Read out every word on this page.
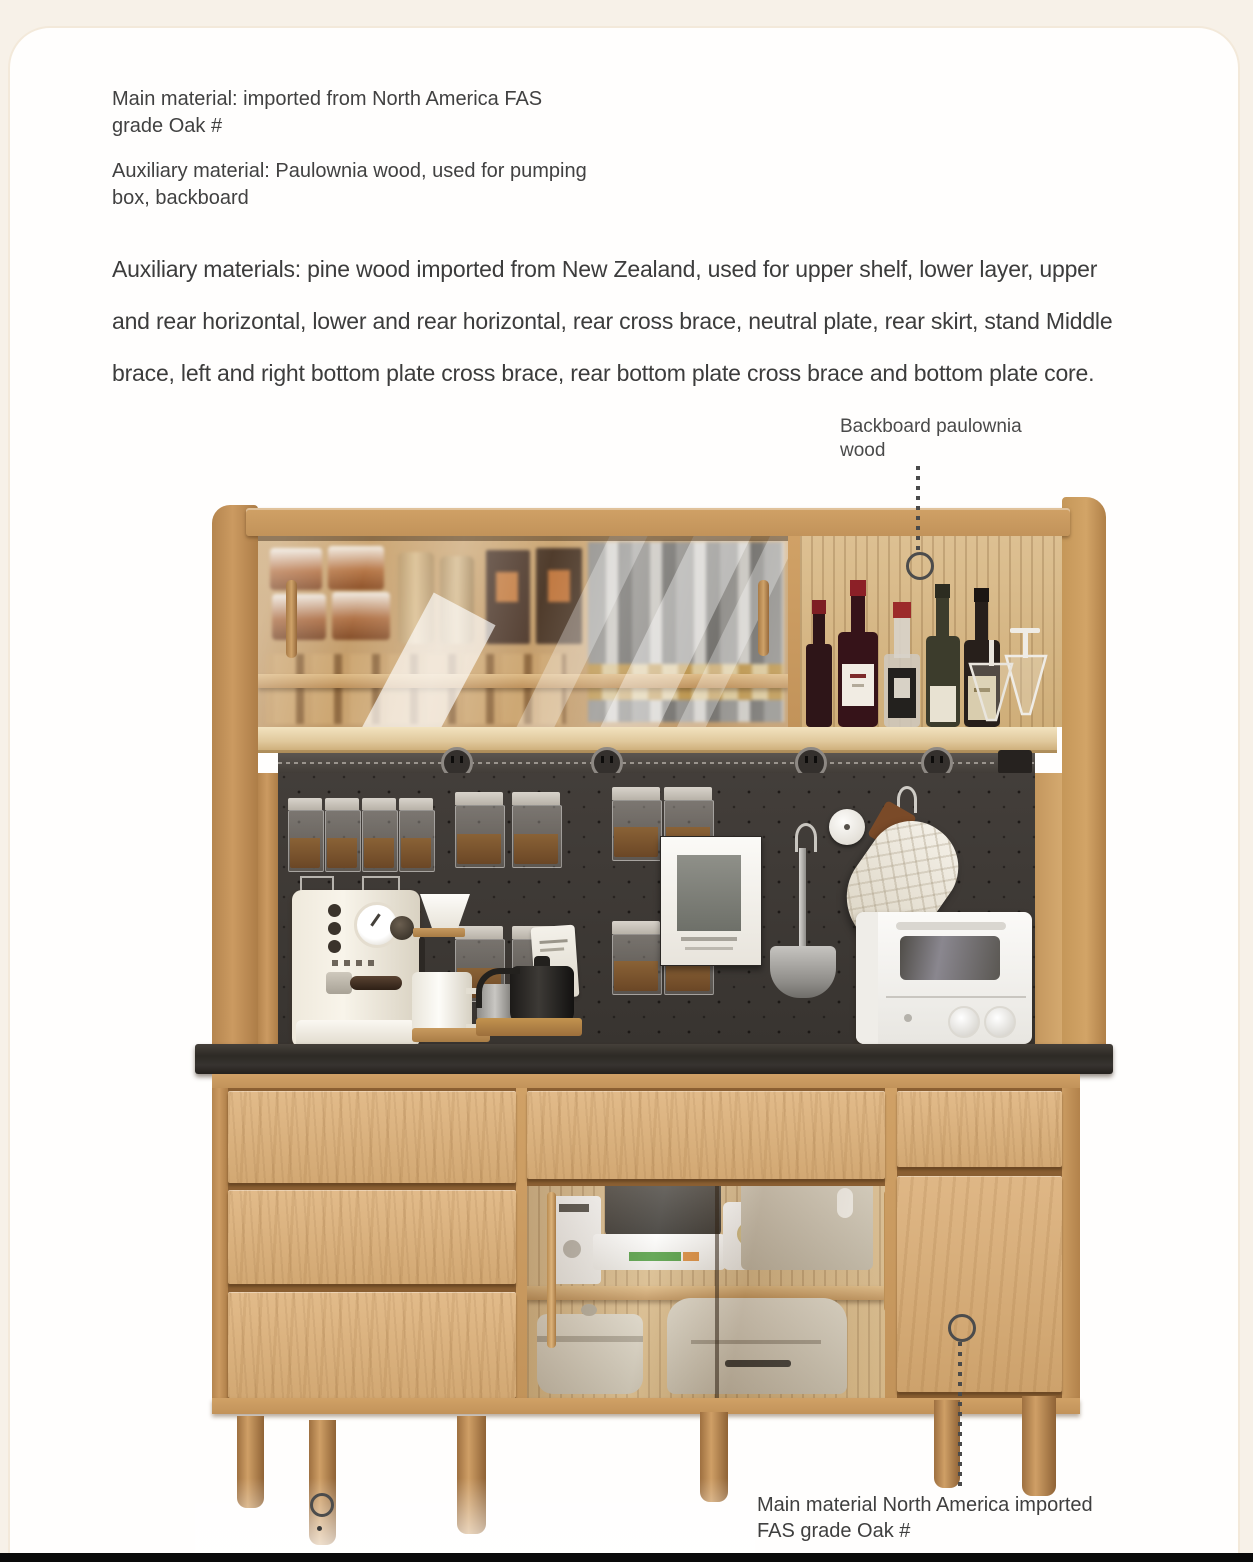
Main material: imported from North America FAS
grade Oak #
Auxiliary material: Paulownia wood, used for pumping
box, backboard
Auxiliary materials: pine wood imported from New Zealand, used for upper shelf, lower layer, upper
and rear horizontal, lower and rear horizontal, rear cross brace, neutral plate, rear skirt, stand Middle
brace, left and right bottom plate cross brace, rear bottom plate cross brace and bottom plate core.
Backboard paulownia
wood
Main material North America imported
FAS grade Oak #
